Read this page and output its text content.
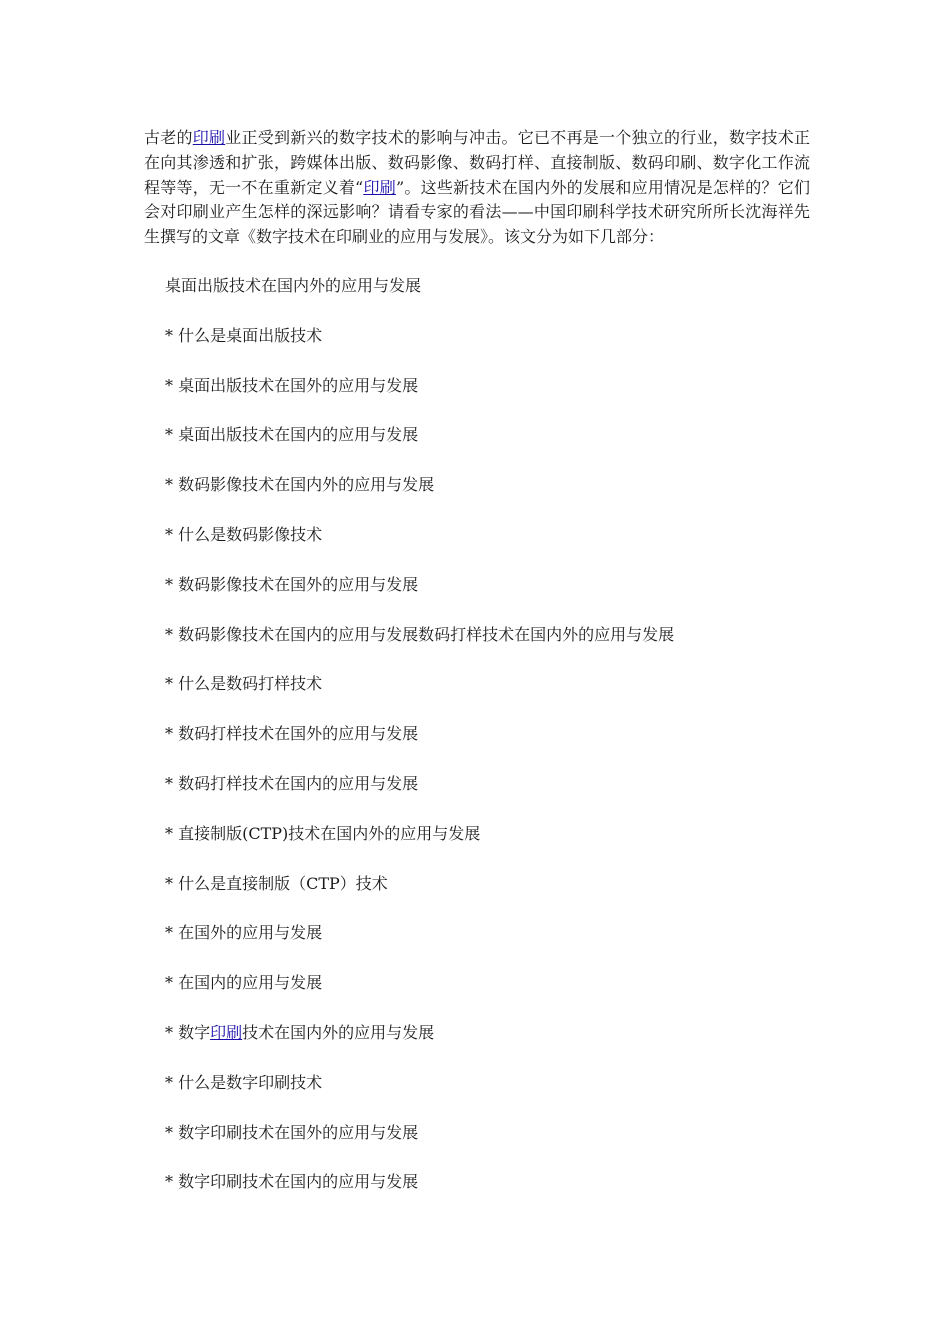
古老的印刷业正受到新兴的数字技术的影响与冲击。它已不再是一个独立的行业，数字技术正在向其渗透和扩张，跨媒体出版、数码影像、数码打样、直接制版、数码印刷、数字化工作流程等等，无一不在重新定义着“印刷”。这些新技术在国内外的发展和应用情况是怎样的？它们会对印刷业产生怎样的深远影响？请看专家的看法——中国印刷科学技术研究所所长沈海祥先生撰写的文章《数字技术在印刷业的应用与发展》。该文分为如下几部分：

桌面出版技术在国内外的应用与发展
* 什么是桌面出版技术
* 桌面出版技术在国外的应用与发展
* 桌面出版技术在国内的应用与发展
* 数码影像技术在国内外的应用与发展
* 什么是数码影像技术
* 数码影像技术在国外的应用与发展
* 数码影像技术在国内的应用与发展数码打样技术在国内外的应用与发展
* 什么是数码打样技术
* 数码打样技术在国外的应用与发展
* 数码打样技术在国内的应用与发展
* 直接制版(CTP)技术在国内外的应用与发展
* 什么是直接制版（CTP）技术
* 在国外的应用与发展
* 在国内的应用与发展
* 数字印刷技术在国内外的应用与发展
* 什么是数字印刷技术
* 数字印刷技术在国外的应用与发展
* 数字印刷技术在国内的应用与发展
